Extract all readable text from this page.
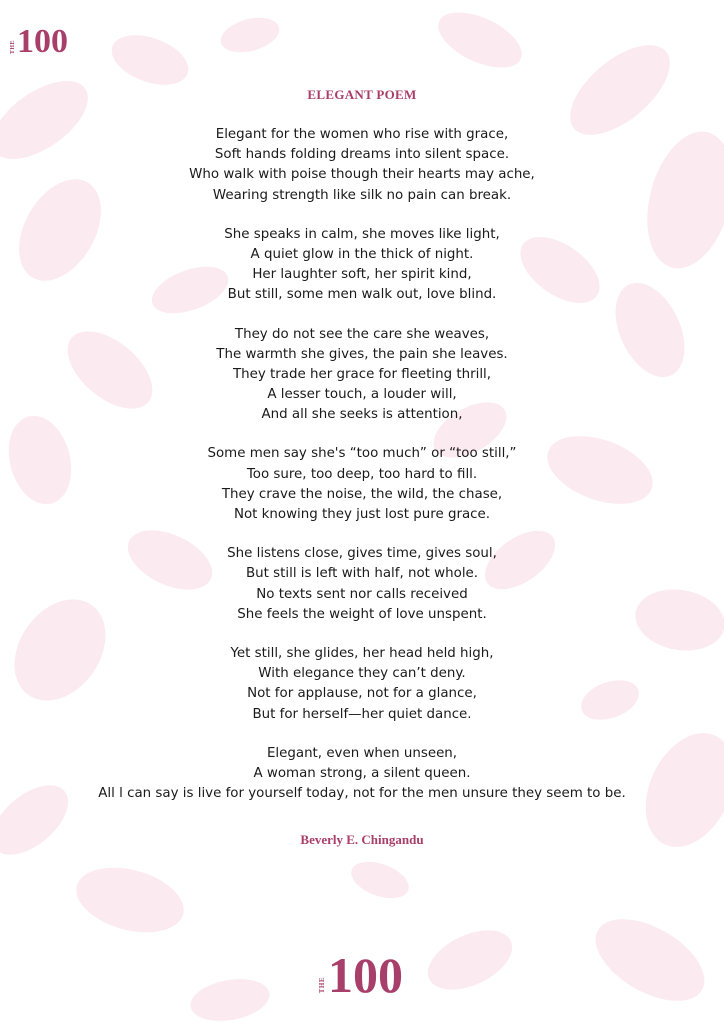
THE 100
ELEGANT POEM
Elegant for the women who rise with grace,
Soft hands folding dreams into silent space.
Who walk with poise though their hearts may ache,
Wearing strength like silk no pain can break.
She speaks in calm, she moves like light,
A quiet glow in the thick of night.
Her laughter soft, her spirit kind,
But still, some men walk out, love blind.
They do not see the care she weaves,
The warmth she gives, the pain she leaves.
They trade her grace for fleeting thrill,
A lesser touch, a louder will,
And all she seeks is attention,
Some men say she's “too much” or “too still,”
Too sure, too deep, too hard to fill.
They crave the noise, the wild, the chase,
Not knowing they just lost pure grace.
She listens close, gives time, gives soul,
But still is left with half, not whole.
No texts sent nor calls received
She feels the weight of love unspent.
Yet still, she glides, her head held high,
With elegance they can’t deny.
Not for applause, not for a glance,
But for herself—her quiet dance.
Elegant, even when unseen,
A woman strong, a silent queen.
All l can say is live for yourself today, not for the men unsure they seem to be.
Beverly E. Chingandu
THE 100
